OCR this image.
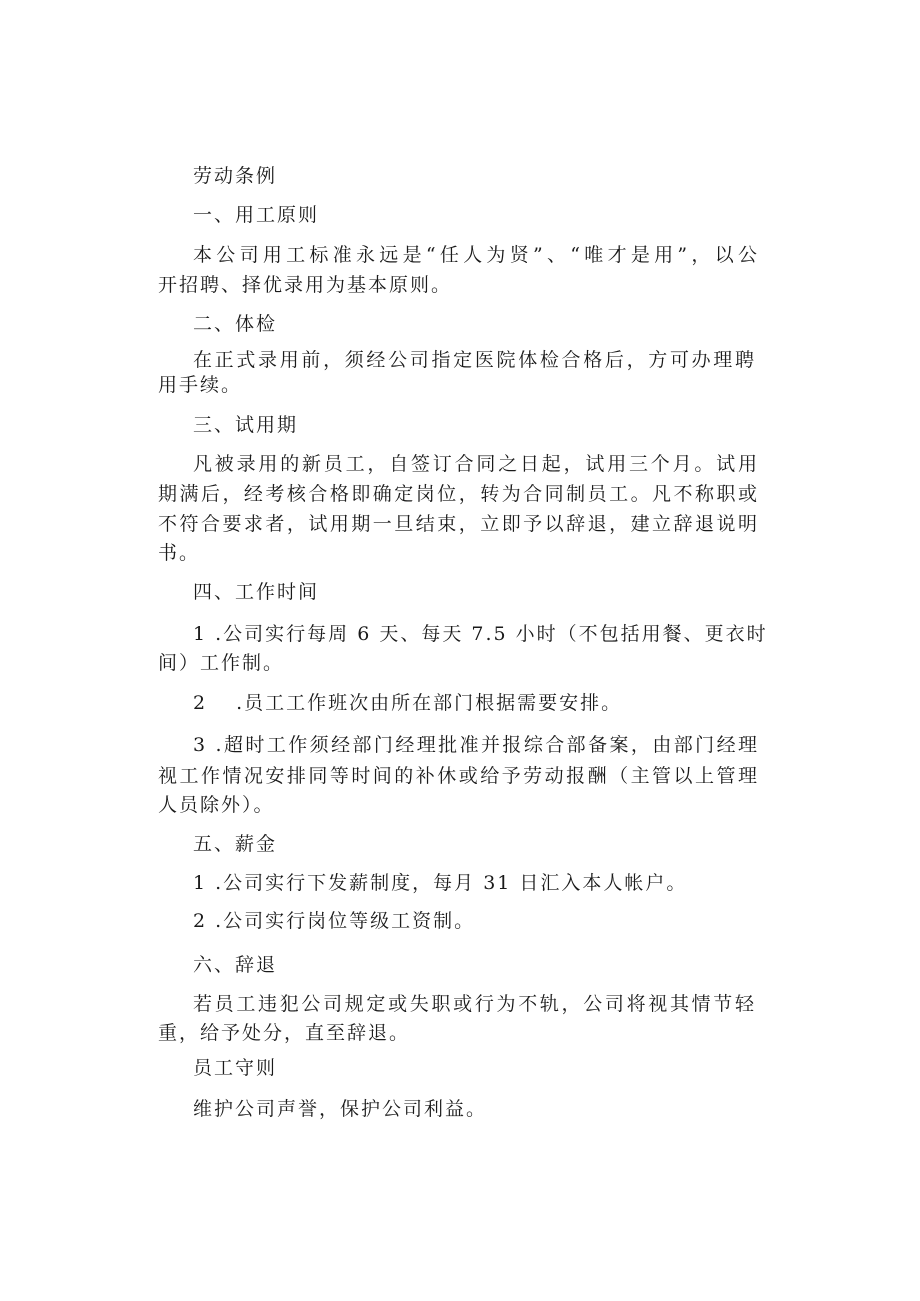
劳动条例
一、用工原则
本公司用工标准永远是“任人为贤”、“唯才是用”，以公
开招聘、择优录用为基本原则。
二、体检
在正式录用前，须经公司指定医院体检合格后，方可办理聘
用手续。
三、试用期
凡被录用的新员工，自签订合同之日起，试用三个月。试用
期满后，经考核合格即确定岗位，转为合同制员工。凡不称职或
不符合要求者，试用期一旦结束，立即予以辞退，建立辞退说明
书。
四、工作时间
1 .公司实行每周 6 天、每天 7.5 小时（不包括用餐、更衣时
间）工作制。
2　 .员工工作班次由所在部门根据需要安排。
3 .超时工作须经部门经理批准并报综合部备案，由部门经理
视工作情况安排同等时间的补休或给予劳动报酬（主管以上管理
人员除外）。
五、薪金
1 .公司实行下发薪制度，每月 31 日汇入本人帐户。
2 .公司实行岗位等级工资制。
六、辞退
若员工违犯公司规定或失职或行为不轨，公司将视其情节轻
重，给予处分，直至辞退。
员工守则
维护公司声誉，保护公司利益。
